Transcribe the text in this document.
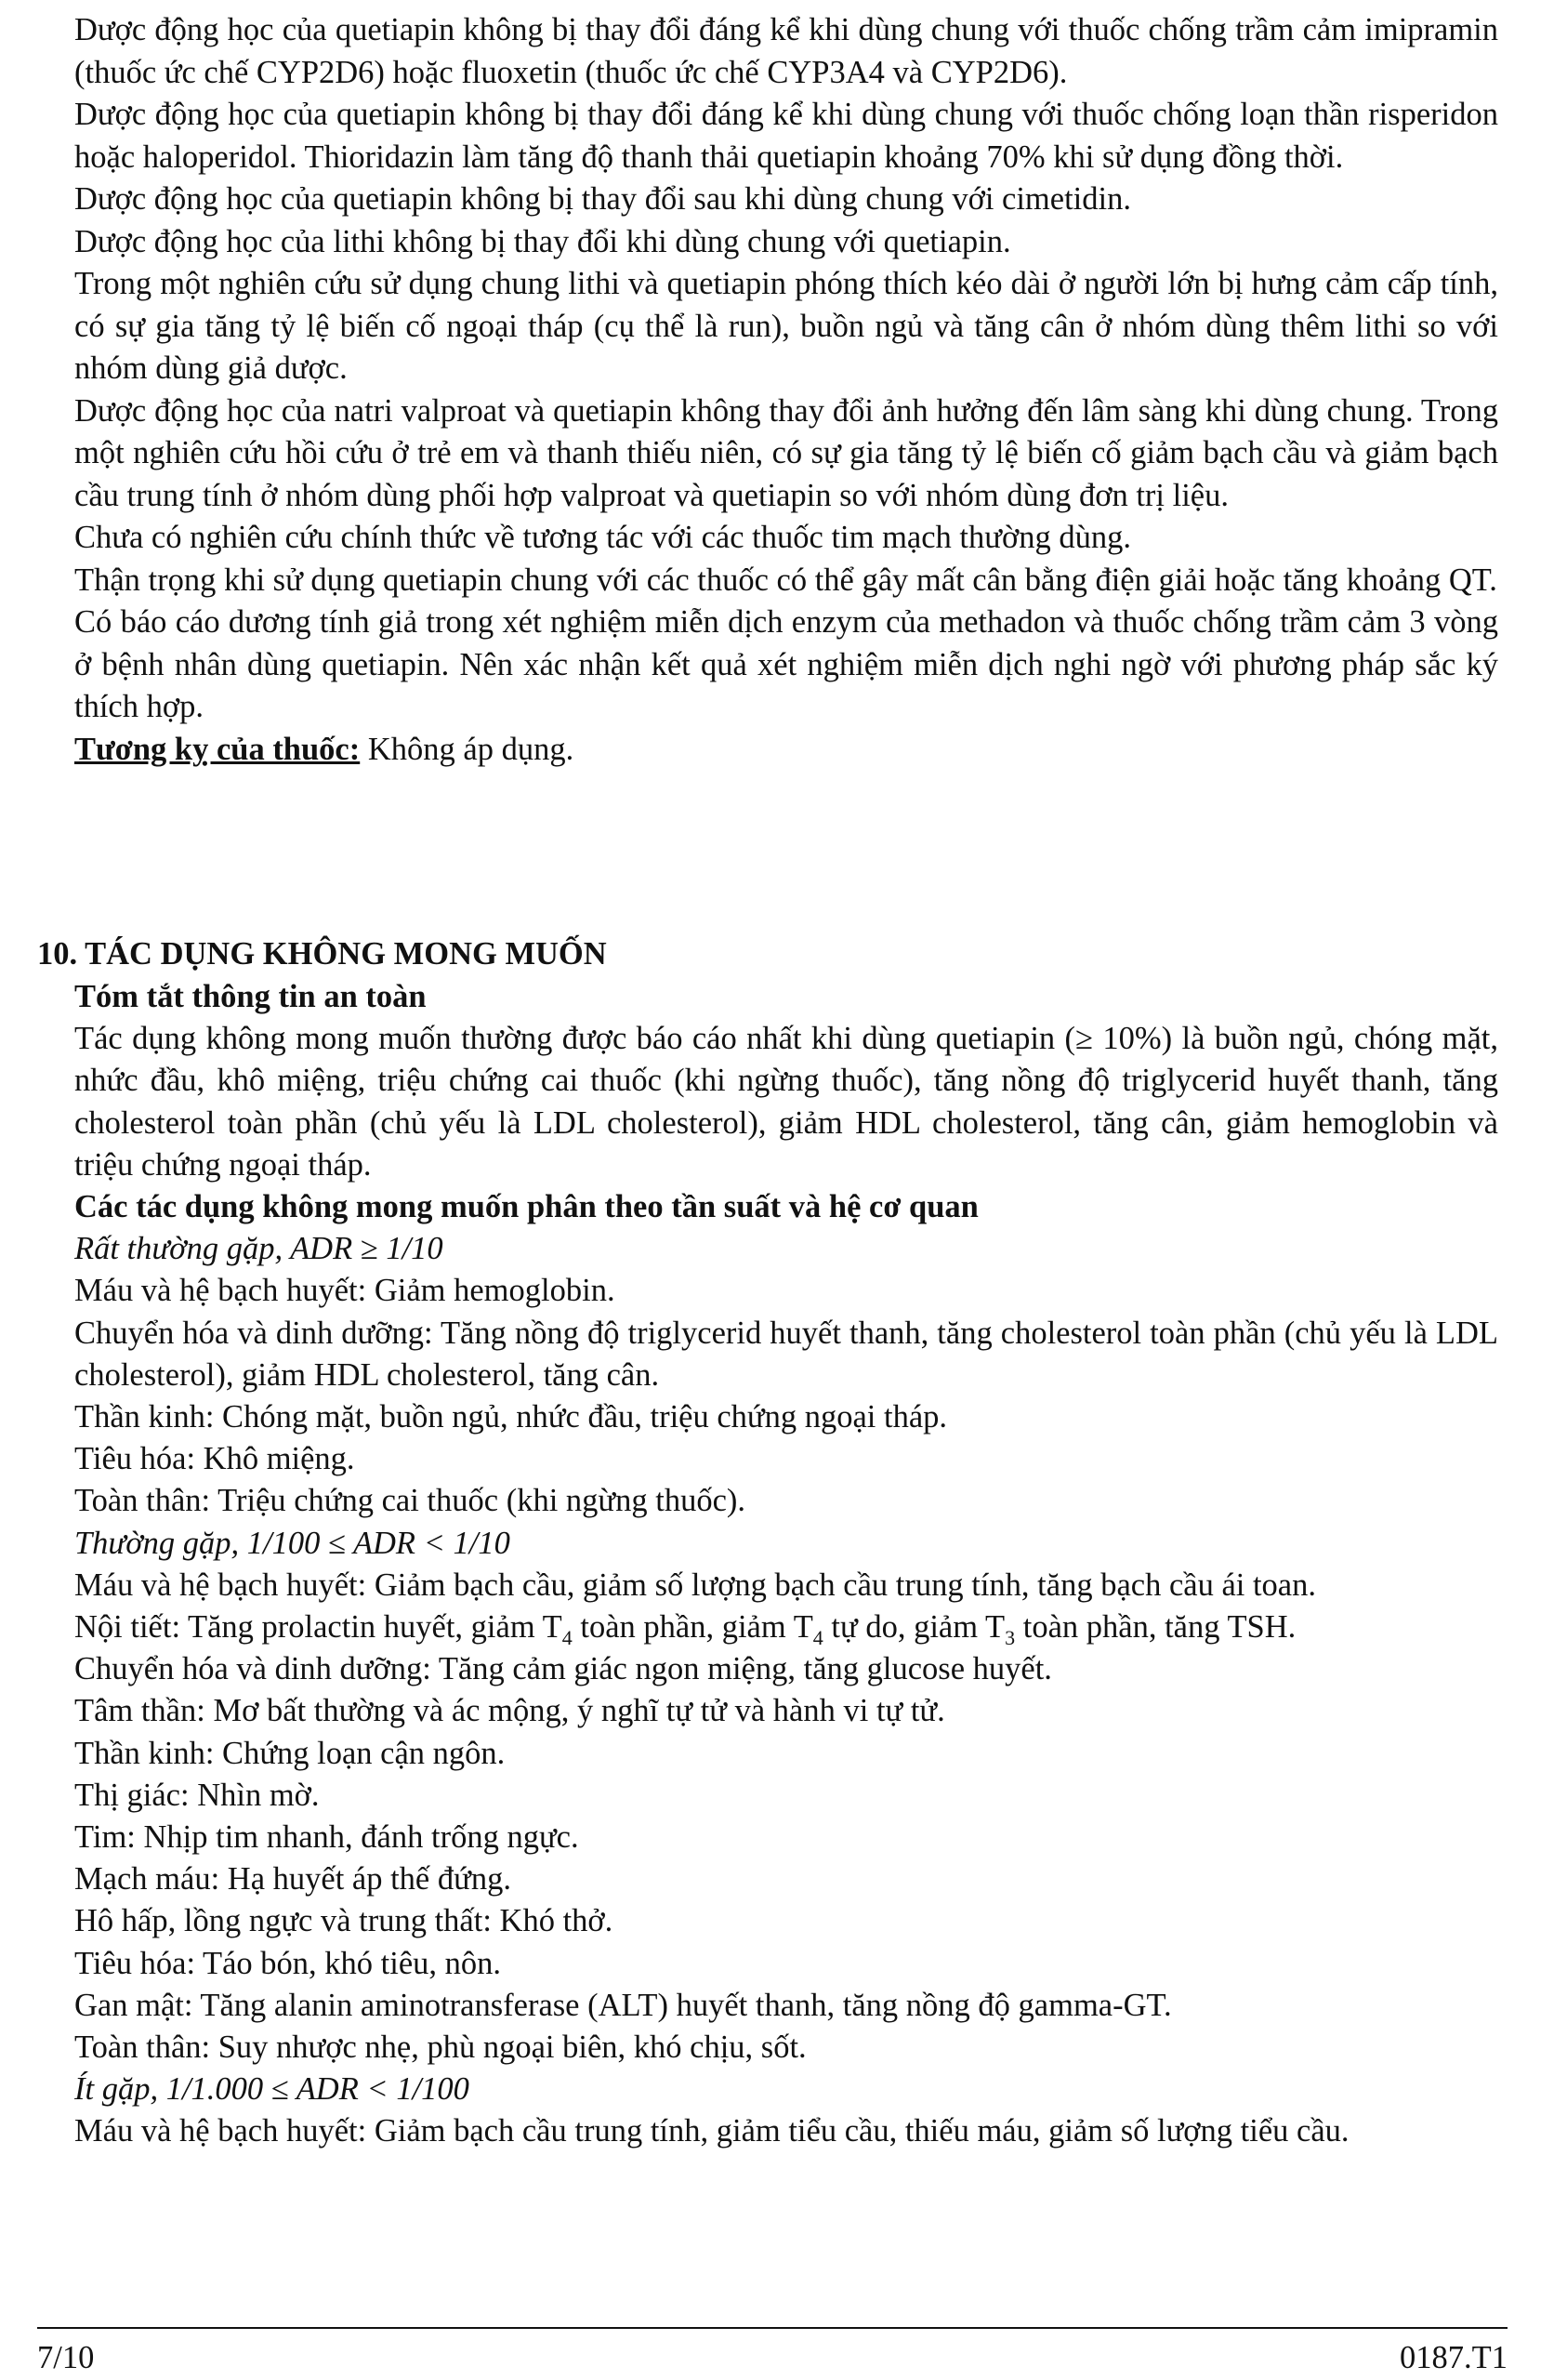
Dược động học của quetiapin không bị thay đổi đáng kể khi dùng chung với thuốc chống trầm cảm imipramin (thuốc ức chế CYP2D6) hoặc fluoxetin (thuốc ức chế CYP3A4 và CYP2D6).

Dược động học của quetiapin không bị thay đổi đáng kể khi dùng chung với thuốc chống loạn thần risperidon hoặc haloperidol. Thioridazin làm tăng độ thanh thải quetiapin khoảng 70% khi sử dụng đồng thời.

Dược động học của quetiapin không bị thay đổi sau khi dùng chung với cimetidin.

Dược động học của lithi không bị thay đổi khi dùng chung với quetiapin.

Trong một nghiên cứu sử dụng chung lithi và quetiapin phóng thích kéo dài ở người lớn bị hưng cảm cấp tính, có sự gia tăng tỷ lệ biến cố ngoại tháp (cụ thể là run), buồn ngủ và tăng cân ở nhóm dùng thêm lithi so với nhóm dùng giả dược.

Dược động học của natri valproat và quetiapin không thay đổi ảnh hưởng đến lâm sàng khi dùng chung. Trong một nghiên cứu hồi cứu ở trẻ em và thanh thiếu niên, có sự gia tăng tỷ lệ biến cố giảm bạch cầu và giảm bạch cầu trung tính ở nhóm dùng phối hợp valproat và quetiapin so với nhóm dùng đơn trị liệu.

Chưa có nghiên cứu chính thức về tương tác với các thuốc tim mạch thường dùng.

Thận trọng khi sử dụng quetiapin chung với các thuốc có thể gây mất cân bằng điện giải hoặc tăng khoảng QT.

Có báo cáo dương tính giả trong xét nghiệm miễn dịch enzym của methadon và thuốc chống trầm cảm 3 vòng ở bệnh nhân dùng quetiapin. Nên xác nhận kết quả xét nghiệm miễn dịch nghi ngờ với phương pháp sắc ký thích hợp.

Tương kỵ của thuốc: Không áp dụng.

10. TÁC DỤNG KHÔNG MONG MUỐN

Tóm tắt thông tin an toàn

Tác dụng không mong muốn thường được báo cáo nhất khi dùng quetiapin (≥ 10%) là buồn ngủ, chóng mặt, nhức đầu, khô miệng, triệu chứng cai thuốc (khi ngừng thuốc), tăng nồng độ triglycerid huyết thanh, tăng cholesterol toàn phần (chủ yếu là LDL cholesterol), giảm HDL cholesterol, tăng cân, giảm hemoglobin và triệu chứng ngoại tháp.

Các tác dụng không mong muốn phân theo tần suất và hệ cơ quan

Rất thường gặp, ADR ≥ 1/10

Máu và hệ bạch huyết: Giảm hemoglobin.

Chuyển hóa và dinh dưỡng: Tăng nồng độ triglycerid huyết thanh, tăng cholesterol toàn phần (chủ yếu là LDL cholesterol), giảm HDL cholesterol, tăng cân.

Thần kinh: Chóng mặt, buồn ngủ, nhức đầu, triệu chứng ngoại tháp.

Tiêu hóa: Khô miệng.

Toàn thân: Triệu chứng cai thuốc (khi ngừng thuốc).

Thường gặp, 1/100 ≤ ADR < 1/10

Máu và hệ bạch huyết: Giảm bạch cầu, giảm số lượng bạch cầu trung tính, tăng bạch cầu ái toan.

Nội tiết: Tăng prolactin huyết, giảm $T_4$ toàn phần, giảm $T_4$ tự do, giảm $T_3$ toàn phần, tăng TSH.

Chuyển hóa và dinh dưỡng: Tăng cảm giác ngon miệng, tăng glucose huyết.

Tâm thần: Mơ bất thường và ác mộng, ý nghĩ tự tử và hành vi tự tử.

Thần kinh: Chứng loạn cận ngôn.

Thị giác: Nhìn mờ.

Tim: Nhịp tim nhanh, đánh trống ngực.

Mạch máu: Hạ huyết áp thế đứng.

Hô hấp, lồng ngực và trung thất: Khó thở.

Tiêu hóa: Táo bón, khó tiêu, nôn.

Gan mật: Tăng alanin aminotransferase (ALT) huyết thanh, tăng nồng độ gamma-GT.

Toàn thân: Suy nhược nhẹ, phù ngoại biên, khó chịu, sốt.

Ít gặp, 1/1.000 ≤ ADR < 1/100

Máu và hệ bạch huyết: Giảm bạch cầu trung tính, giảm tiểu cầu, thiếu máu, giảm số lượng tiểu cầu.

7/10	0187.T1
